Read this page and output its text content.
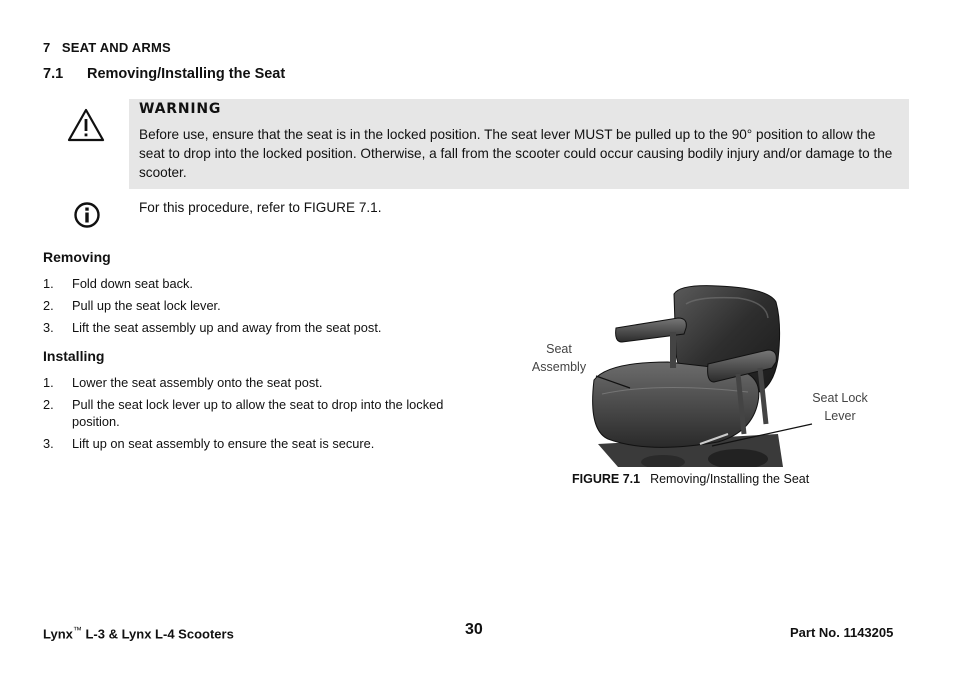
7   SEAT AND ARMS
7.1 Removing/Installing the Seat
WARNING
Before use, ensure that the seat is in the locked position. The seat lever MUST be pulled up to the 90° position to allow the seat to drop into the locked position. Otherwise, a fall from the scooter could occur causing bodily injury and/or damage to the scooter.
For this procedure, refer to FIGURE 7.1.
Removing
1. Fold down seat back.
2. Pull up the seat lock lever.
3. Lift the seat assembly up and away from the seat post.
Installing
1. Lower the seat assembly onto the seat post.
2. Pull the seat lock lever up to allow the seat to drop into the locked position.
3. Lift up on seat assembly to ensure the seat is secure.
Seat
Assembly
Seat Lock
Lever
FIGURE 7.1 Removing/Installing the Seat
Lynx™ L-3 & Lynx L-4 Scooters	30	Part No. 1143205
